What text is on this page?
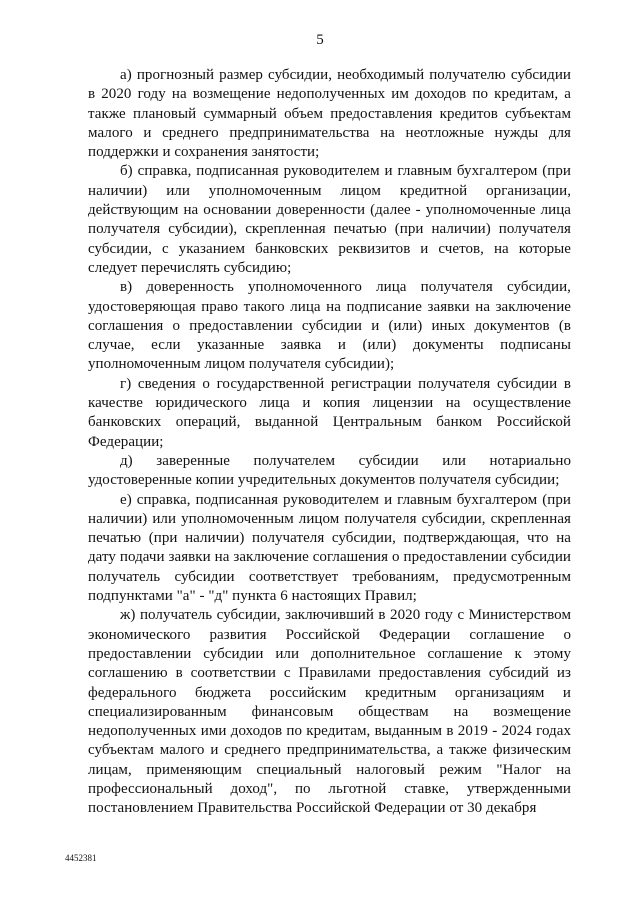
5

а) прогнозный размер субсидии, необходимый получателю субсидии в 2020 году на возмещение недополученных им доходов по кредитам, а также плановый суммарный объем предоставления кредитов субъектам малого и среднего предпринимательства на неотложные нужды для поддержки и сохранения занятости;

б) справка, подписанная руководителем и главным бухгалтером (при наличии) или уполномоченным лицом кредитной организации, действующим на основании доверенности (далее - уполномоченные лица получателя субсидии), скрепленная печатью (при наличии) получателя субсидии, с указанием банковских реквизитов и счетов, на которые следует перечислять субсидию;

в) доверенность уполномоченного лица получателя субсидии, удостоверяющая право такого лица на подписание заявки на заключение соглашения о предоставлении субсидии и (или) иных документов (в случае, если указанные заявка и (или) документы подписаны уполномоченным лицом получателя субсидии);

г) сведения о государственной регистрации получателя субсидии в качестве юридического лица и копия лицензии на осуществление банковских операций, выданной Центральным банком Российской Федерации;

д) заверенные получателем субсидии или нотариально удостоверенные копии учредительных документов получателя субсидии;

е) справка, подписанная руководителем и главным бухгалтером (при наличии) или уполномоченным лицом получателя субсидии, скрепленная печатью (при наличии) получателя субсидии, подтверждающая, что на дату подачи заявки на заключение соглашения о предоставлении субсидии получатель субсидии соответствует требованиям, предусмотренным подпунктами "а" - "д" пункта 6 настоящих Правил;

ж) получатель субсидии, заключивший в 2020 году с Министерством экономического развития Российской Федерации соглашение о предоставлении субсидии или дополнительное соглашение к этому соглашению в соответствии с Правилами предоставления субсидий из федерального бюджета российским кредитным организациям и специализированным финансовым обществам на возмещение недополученных ими доходов по кредитам, выданным в 2019 - 2024 годах субъектам малого и среднего предпринимательства, а также физическим лицам, применяющим специальный налоговый режим "Налог на профессиональный доход", по льготной ставке, утвержденными постановлением Правительства Российской Федерации от 30 декабря

4452381
